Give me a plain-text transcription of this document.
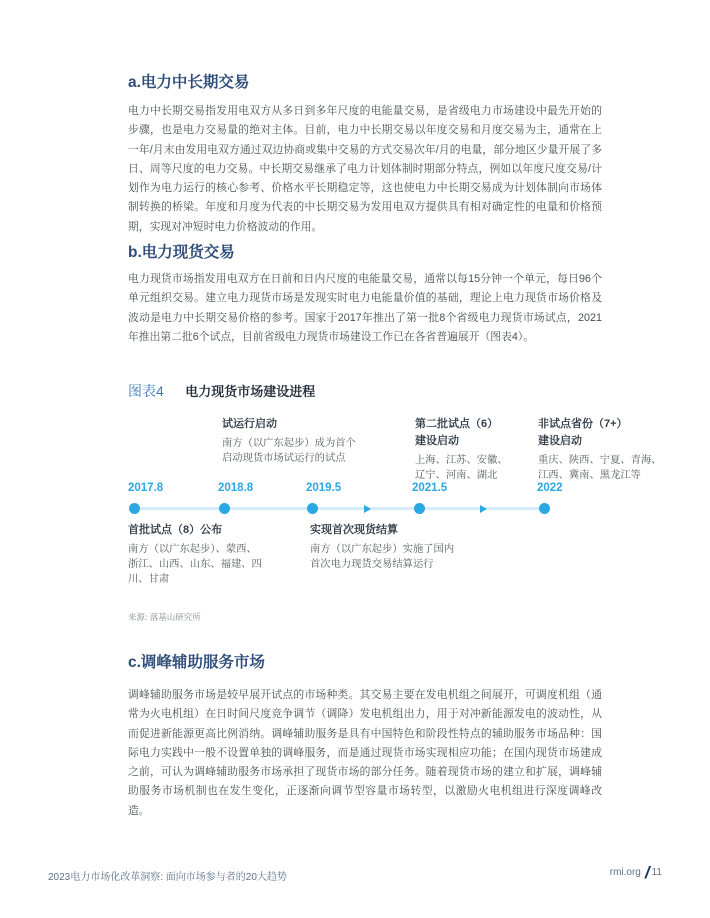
a.电力中长期交易

电力中长期交易指发用电双方从多日到多年尺度的电能量交易，是省级电力市场建设中最先开始的步骤，也是电力交易量的绝对主体。目前，电力中长期交易以年度交易和月度交易为主，通常在上一年/月末由发用电双方通过双边协商或集中交易的方式交易次年/月的电量，部分地区少量开展了多日、周等尺度的电力交易。中长期交易继承了电力计划体制时期部分特点，例如以年度尺度交易/计划作为电力运行的核心参考、价格水平长期稳定等，这也使电力中长期交易成为计划体制向市场体制转换的桥梁。年度和月度为代表的中长期交易为发用电双方提供具有相对确定性的电量和价格预期，实现对冲短时电力价格波动的作用。

b.电力现货交易

电力现货市场指发用电双方在日前和日内尺度的电能量交易，通常以每15分钟一个单元，每日96个单元组织交易。建立电力现货市场是发现实时电力电能量价值的基础，理论上电力现货市场价格及波动是电力中长期交易价格的参考。国家于2017年推出了第一批8个省级电力现货市场试点，2021年推出第二批6个试点，目前省级电力现货市场建设工作已在各省普遍展开（图表4）。

图表4 电力现货市场建设进程
试运行启动
南方（以广东起步）成为首个
启动现货市场试运行的试点
第二批试点（6）
建设启动
上海、江苏、安徽、
辽宁、河南、湖北
非试点省份（7+）
建设启动
重庆、陕西、宁夏、青海、
江西、冀南、黑龙江等
2017.8	2018.8	2019.5	2021.5	2022
首批试点（8）公布
南方（以广东起步）、蒙西、
浙江、山西、山东、福建、四
川、甘肃
实现首次现货结算
南方（以广东起步）实施了国内
首次电力现货交易结算运行
来源: 落基山研究所
c.调峰辅助服务市场

调峰辅助服务市场是较早展开试点的市场种类。其交易主要在发电机组之间展开，可调度机组（通常为火电机组）在日时间尺度竞争调节（调降）发电机组出力，用于对冲新能源发电的波动性，从而促进新能源更高比例消纳。调峰辅助服务是具有中国特色和阶段性特点的辅助服务市场品种：国际电力实践中一般不设置单独的调峰服务，而是通过现货市场实现相应功能；在国内现货市场建成之前，可认为调峰辅助服务市场承担了现货市场的部分任务。随着现货市场的建立和扩展，调峰辅助服务市场机制也在发生变化，正逐渐向调节型容量市场转型，以激励火电机组进行深度调峰改造。

2023电力市场化改革洞察: 面向市场参与者的20大趋势	rmi.org / 11
